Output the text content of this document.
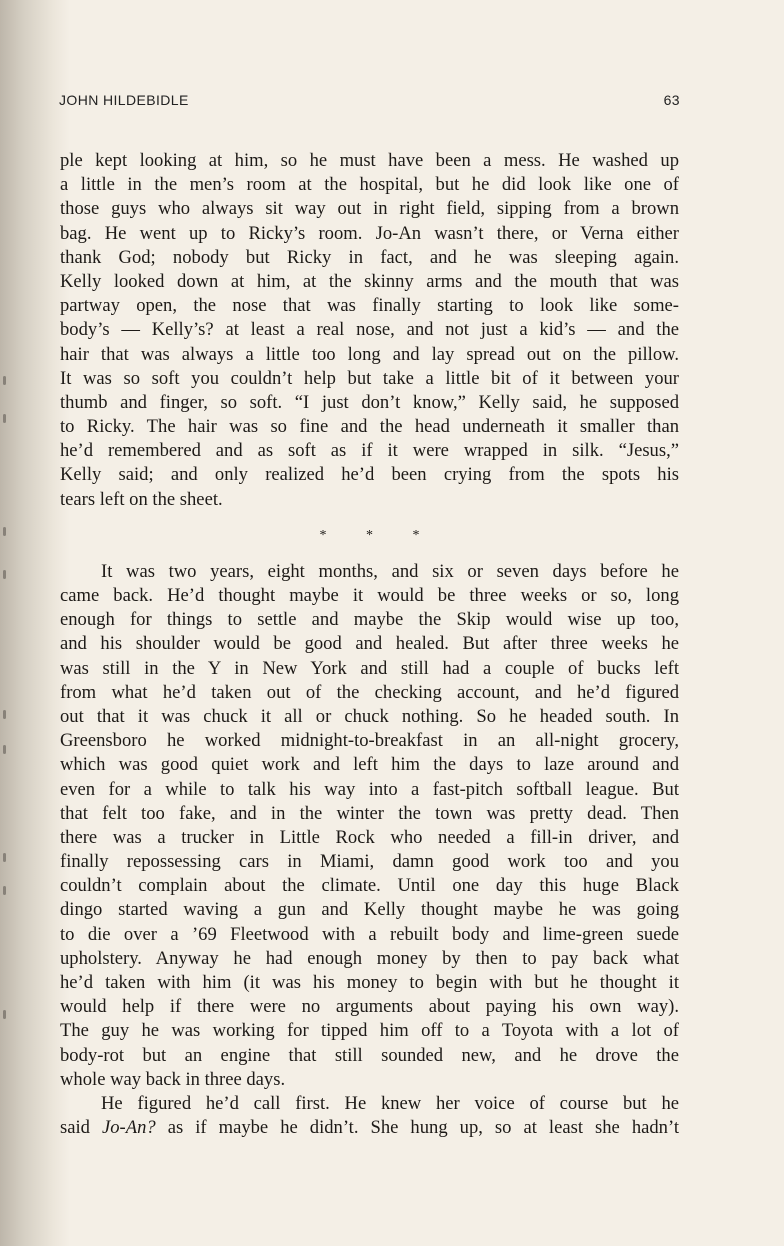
JOHN HILDEBIDLE	63
ple kept looking at him, so he must have been a mess. He washed up
a little in the men’s room at the hospital, but he did look like one of
those guys who always sit way out in right field, sipping from a brown
bag. He went up to Ricky’s room. Jo-An wasn’t there, or Verna either
thank God; nobody but Ricky in fact, and he was sleeping again.
Kelly looked down at him, at the skinny arms and the mouth that was
partway open, the nose that was finally starting to look like some-
body’s — Kelly’s? at least a real nose, and not just a kid’s — and the
hair that was always a little too long and lay spread out on the pillow.
It was so soft you couldn’t help but take a little bit of it between your
thumb and finger, so soft. “I just don’t know,” Kelly said, he supposed
to Ricky. The hair was so fine and the head underneath it smaller than
he’d remembered and as soft as if it were wrapped in silk. “Jesus,”
Kelly said; and only realized he’d been crying from the spots his
tears left on the sheet.
* * *
It was two years, eight months, and six or seven days before he
came back. He’d thought maybe it would be three weeks or so, long
enough for things to settle and maybe the Skip would wise up too,
and his shoulder would be good and healed. But after three weeks he
was still in the Y in New York and still had a couple of bucks left
from what he’d taken out of the checking account, and he’d figured
out that it was chuck it all or chuck nothing. So he headed south. In
Greensboro he worked midnight-to-breakfast in an all-night grocery,
which was good quiet work and left him the days to laze around and
even for a while to talk his way into a fast-pitch softball league. But
that felt too fake, and in the winter the town was pretty dead. Then
there was a trucker in Little Rock who needed a fill-in driver, and
finally repossessing cars in Miami, damn good work too and you
couldn’t complain about the climate. Until one day this huge Black
dingo started waving a gun and Kelly thought maybe he was going
to die over a ’69 Fleetwood with a rebuilt body and lime-green suede
upholstery. Anyway he had enough money by then to pay back what
he’d taken with him (it was his money to begin with but he thought it
would help if there were no arguments about paying his own way).
The guy he was working for tipped him off to a Toyota with a lot of
body-rot but an engine that still sounded new, and he drove the
whole way back in three days.
He figured he’d call first. He knew her voice of course but he
said Jo-An? as if maybe he didn’t. She hung up, so at least she hadn’t
